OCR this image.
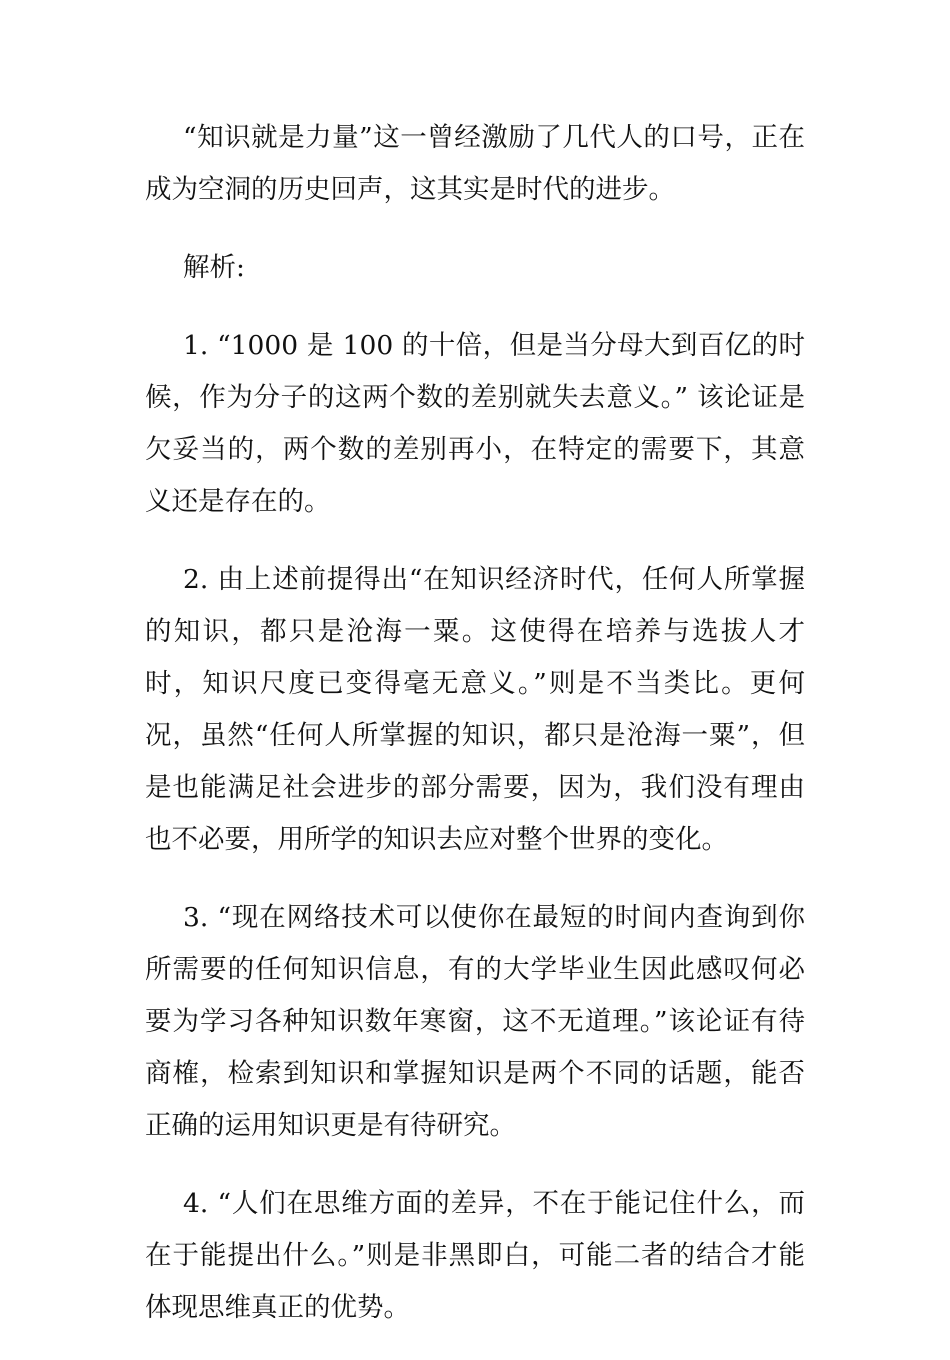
“知识就是力量”这一曾经激励了几代人的口号，正在成为空洞的历史回声，这其实是时代的进步。

解析:

1. “1000 是 100 的十倍，但是当分母大到百亿的时候，作为分子的这两个数的差别就失去意义。” 该论证是欠妥当的，两个数的差别再小，在特定的需要下，其意义还是存在的。

2. 由上述前提得出“在知识经济时代，任何人所掌握的知识，都只是沧海一粟。这使得在培养与选拔人才时，知识尺度已变得毫无意义。”则是不当类比。更何况，虽然“任何人所掌握的知识，都只是沧海一粟”，但是也能满足社会进步的部分需要，因为，我们没有理由也不必要，用所学的知识去应对整个世界的变化。

3. “现在网络技术可以使你在最短的时间内查询到你所需要的任何知识信息，有的大学毕业生因此感叹何必要为学习各种知识数年寒窗，这不无道理。”该论证有待商榷，检索到知识和掌握知识是两个不同的话题，能否正确的运用知识更是有待研究。

4. “人们在思维方面的差异，不在于能记住什么，而在于能提出什么。”则是非黑即白，可能二者的结合才能体现思维真正的优势。
